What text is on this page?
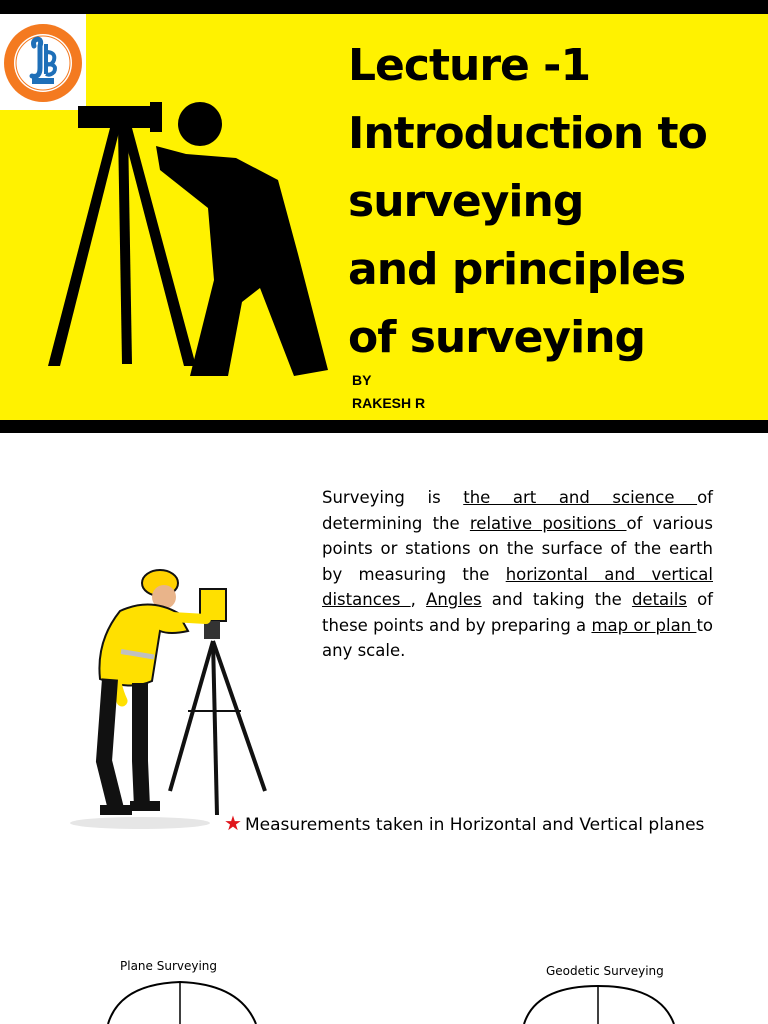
Lecture -1

Introduction to

surveying

and principles

of surveying

BY
RAKESH R

Surveying is the art and science of determining the relative positions of various points or stations on the surface of the earth by measuring the horizontal and vertical distances , Angles and taking the details of these points and by preparing a map or plan to any scale.

★ Measurements taken in Horizontal and Vertical planes
Plane Surveying	Geodetic Surveying
